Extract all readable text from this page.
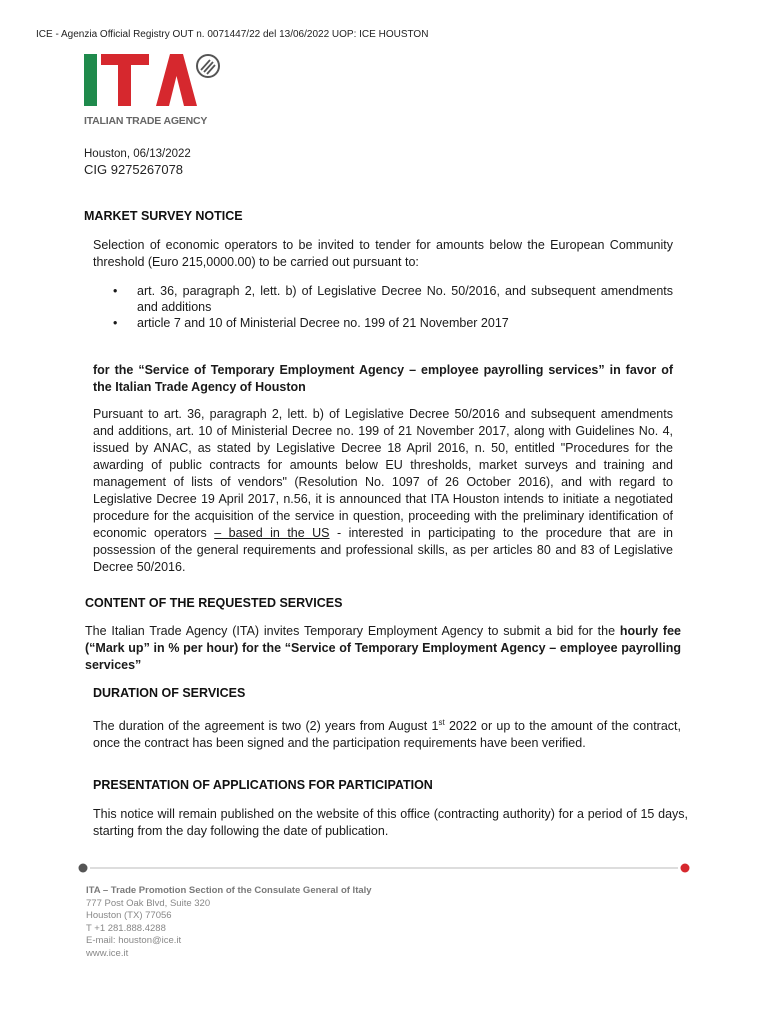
ICE - Agenzia Official Registry OUT n. 0071447/22 del 13/06/2022 UOP: ICE HOUSTON
ITALIAN TRADE AGENCY
Houston, 06/13/2022
CIG 9275267078
MARKET SURVEY NOTICE
Selection of economic operators to be invited to tender for amounts below the European Community threshold (Euro 215,0000.00) to be carried out pursuant to:
• art. 36, paragraph 2, lett. b) of Legislative Decree No. 50/2016, and subsequent amendments and additions
• article 7 and 10 of Ministerial Decree no. 199 of 21 November 2017
for the “Service of Temporary Employment Agency – employee payrolling services” in favor of the Italian Trade Agency of Houston
Pursuant to art. 36, paragraph 2, lett. b) of Legislative Decree 50/2016 and subsequent amendments and additions, art. 10 of Ministerial Decree no. 199 of 21 November 2017, along with Guidelines No. 4, issued by ANAC, as stated by Legislative Decree 18 April 2016, n. 50, entitled "Procedures for the awarding of public contracts for amounts below EU thresholds, market surveys and training and management of lists of vendors" (Resolution No. 1097 of 26 October 2016), and with regard to Legislative Decree 19 April 2017, n.56, it is announced that ITA Houston intends to initiate a negotiated procedure for the acquisition of the service in question, proceeding with the preliminary identification of economic operators – based in the US - interested in participating to the procedure that are in possession of the general requirements and professional skills, as per articles 80 and 83 of Legislative Decree 50/2016.
CONTENT OF THE REQUESTED SERVICES
The Italian Trade Agency (ITA) invites Temporary Employment Agency to submit a bid for the hourly fee (“Mark up” in % per hour) for the “Service of Temporary Employment Agency – employee payrolling services”
DURATION OF SERVICES
The duration of the agreement is two (2) years from August 1st 2022 or up to the amount of the contract, once the contract has been signed and the participation requirements have been verified.
PRESENTATION OF APPLICATIONS FOR PARTICIPATION
This notice will remain published on the website of this office (contracting authority) for a period of 15 days, starting from the day following the date of publication.
ITA – Trade Promotion Section of the Consulate General of Italy
777 Post Oak Blvd, Suite 320
Houston (TX) 77056
T +1 281.888.4288
E-mail: houston@ice.it
www.ice.it
